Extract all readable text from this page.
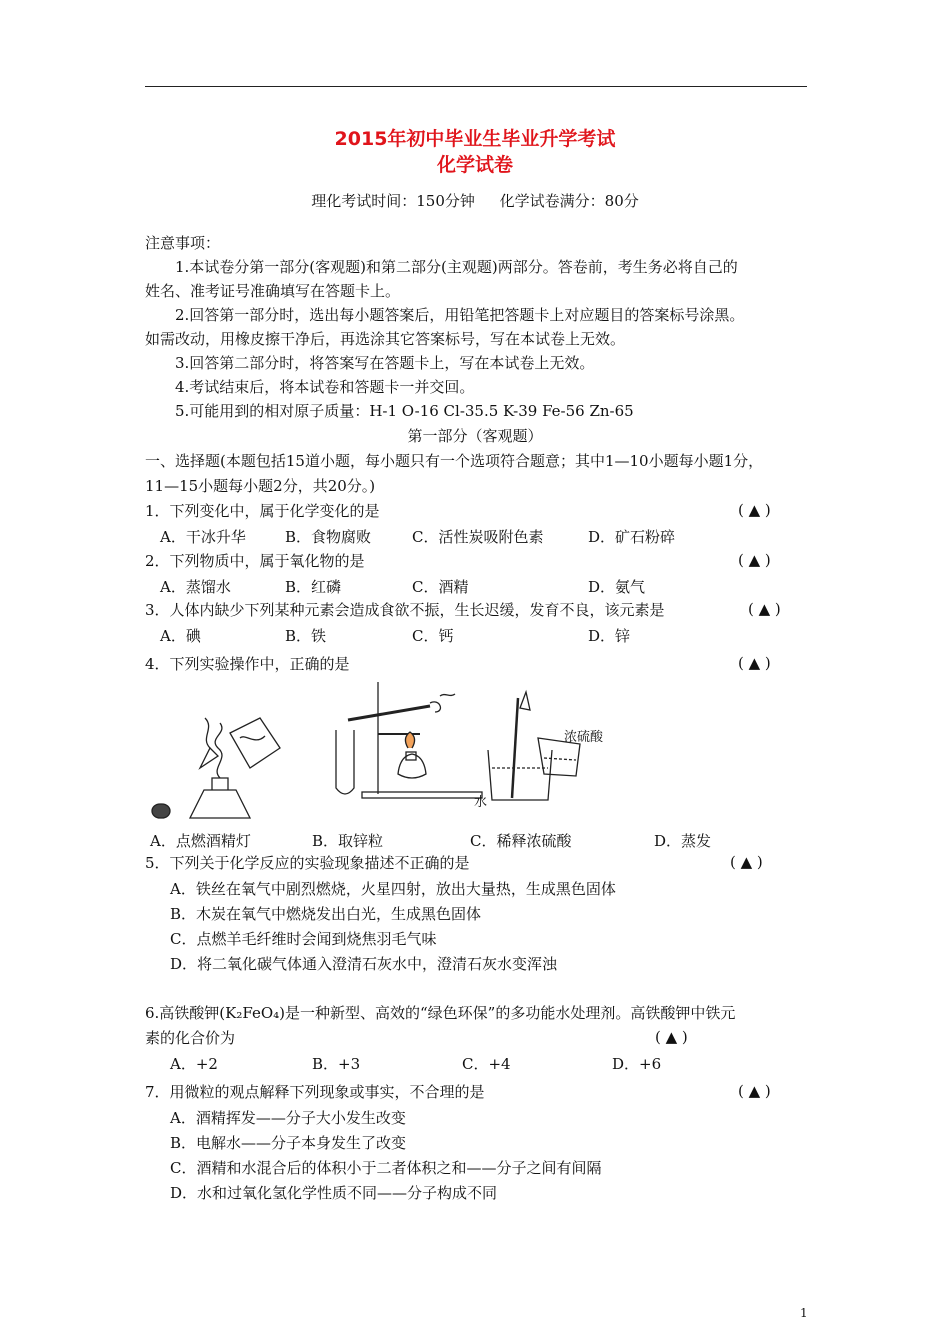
2015年初中毕业生毕业升学考试
化学试卷
理化考试时间：150分钟 化学试卷满分：80分
注意事项：
1.本试卷分第一部分(客观题)和第二部分(主观题)两部分。答卷前，考生务必将自己的
姓名、准考证号准确填写在答题卡上。
2.回答第一部分时，选出每小题答案后，用铅笔把答题卡上对应题目的答案标号涂黑。
如需改动，用橡皮擦干净后，再选涂其它答案标号，写在本试卷上无效。
3.回答第二部分时，将答案写在答题卡上，写在本试卷上无效。
4.考试结束后，将本试卷和答题卡一并交回。
5.可能用到的相对原子质量：H-1 O-16 Cl-35.5 K-39 Fe-56 Zn-65
第一部分（客观题）
一、选择题(本题包括15道小题，每小题只有一个选项符合题意；其中1—10小题每小题1分，
11—15小题每小题2分，共20分。)
1．下列变化中，属于化学变化的是	( ▲ )
A．干冰升华	B．食物腐败	C．活性炭吸附色素	D．矿石粉碎
2．下列物质中，属于氧化物的是	( ▲ )
A．蒸馏水	B．红磷	C．酒精	D．氨气
3．人体内缺少下列某种元素会造成食欲不振，生长迟缓，发育不良，该元素是	( ▲ )
A．碘	B．铁	C．钙	D．锌
4．下列实验操作中，正确的是	( ▲ )
浓硫酸
水
A．点燃酒精灯	B．取锌粒	C．稀释浓硫酸	D．蒸发
5．下列关于化学反应的实验现象描述不正确的是	( ▲ )
A．铁丝在氧气中剧烈燃烧，火星四射，放出大量热，生成黑色固体
B．木炭在氧气中燃烧发出白光，生成黑色固体
C．点燃羊毛纤维时会闻到烧焦羽毛气味
D．将二氧化碳气体通入澄清石灰水中，澄清石灰水变浑浊
6.高铁酸钾(K₂FeO₄)是一种新型、高效的“绿色环保”的多功能水处理剂。高铁酸钾中铁元
素的化合价为	( ▲ )
A．+2	B．+3	C．+4	D．+6
7．用微粒的观点解释下列现象或事实，不合理的是	( ▲ )
A．酒精挥发——分子大小发生改变
B．电解水——分子本身发生了改变
C．酒精和水混合后的体积小于二者体积之和——分子之间有间隔
D．水和过氧化氢化学性质不同——分子构成不同
1
